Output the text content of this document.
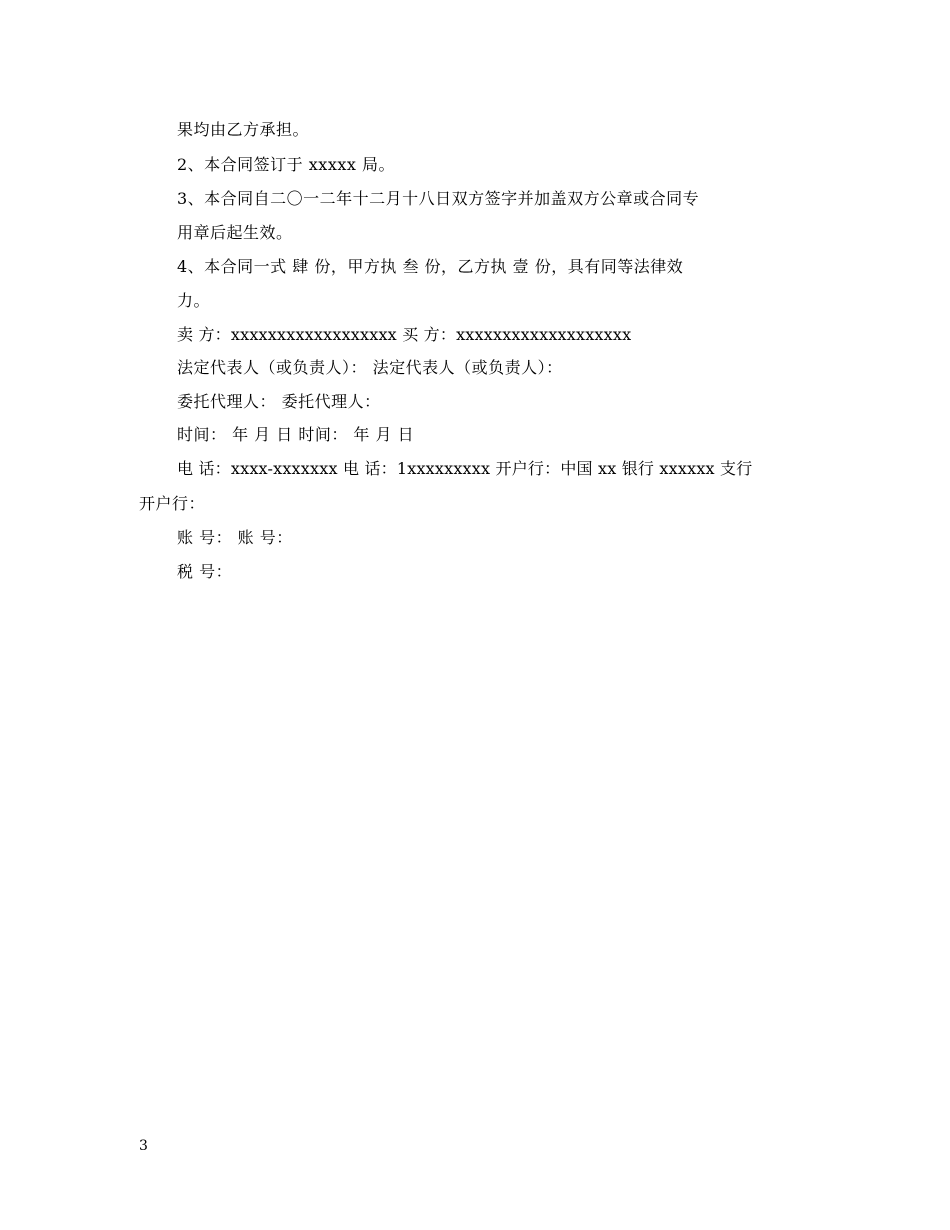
果均由乙方承担。
2、本合同签订于 xxxxx 局。
3、本合同自二〇一二年十二月十八日双方签字并加盖双方公章或合同专
用章后起生效。
4、本合同一式 肆 份，甲方执 叁 份，乙方执 壹 份，具有同等法律效
力。
卖 方：xxxxxxxxxxxxxxxxxx 买 方：xxxxxxxxxxxxxxxxxxx
法定代表人（或负责人）： 法定代表人（或负责人）：
委托代理人： 委托代理人：
时间： 年 月 日 时间： 年 月 日
电 话：xxxx-xxxxxxx 电 话：1xxxxxxxxx 开户行：中国 xx 银行 xxxxxx 支行
开户行：
账 号： 账 号：
税 号：
3
